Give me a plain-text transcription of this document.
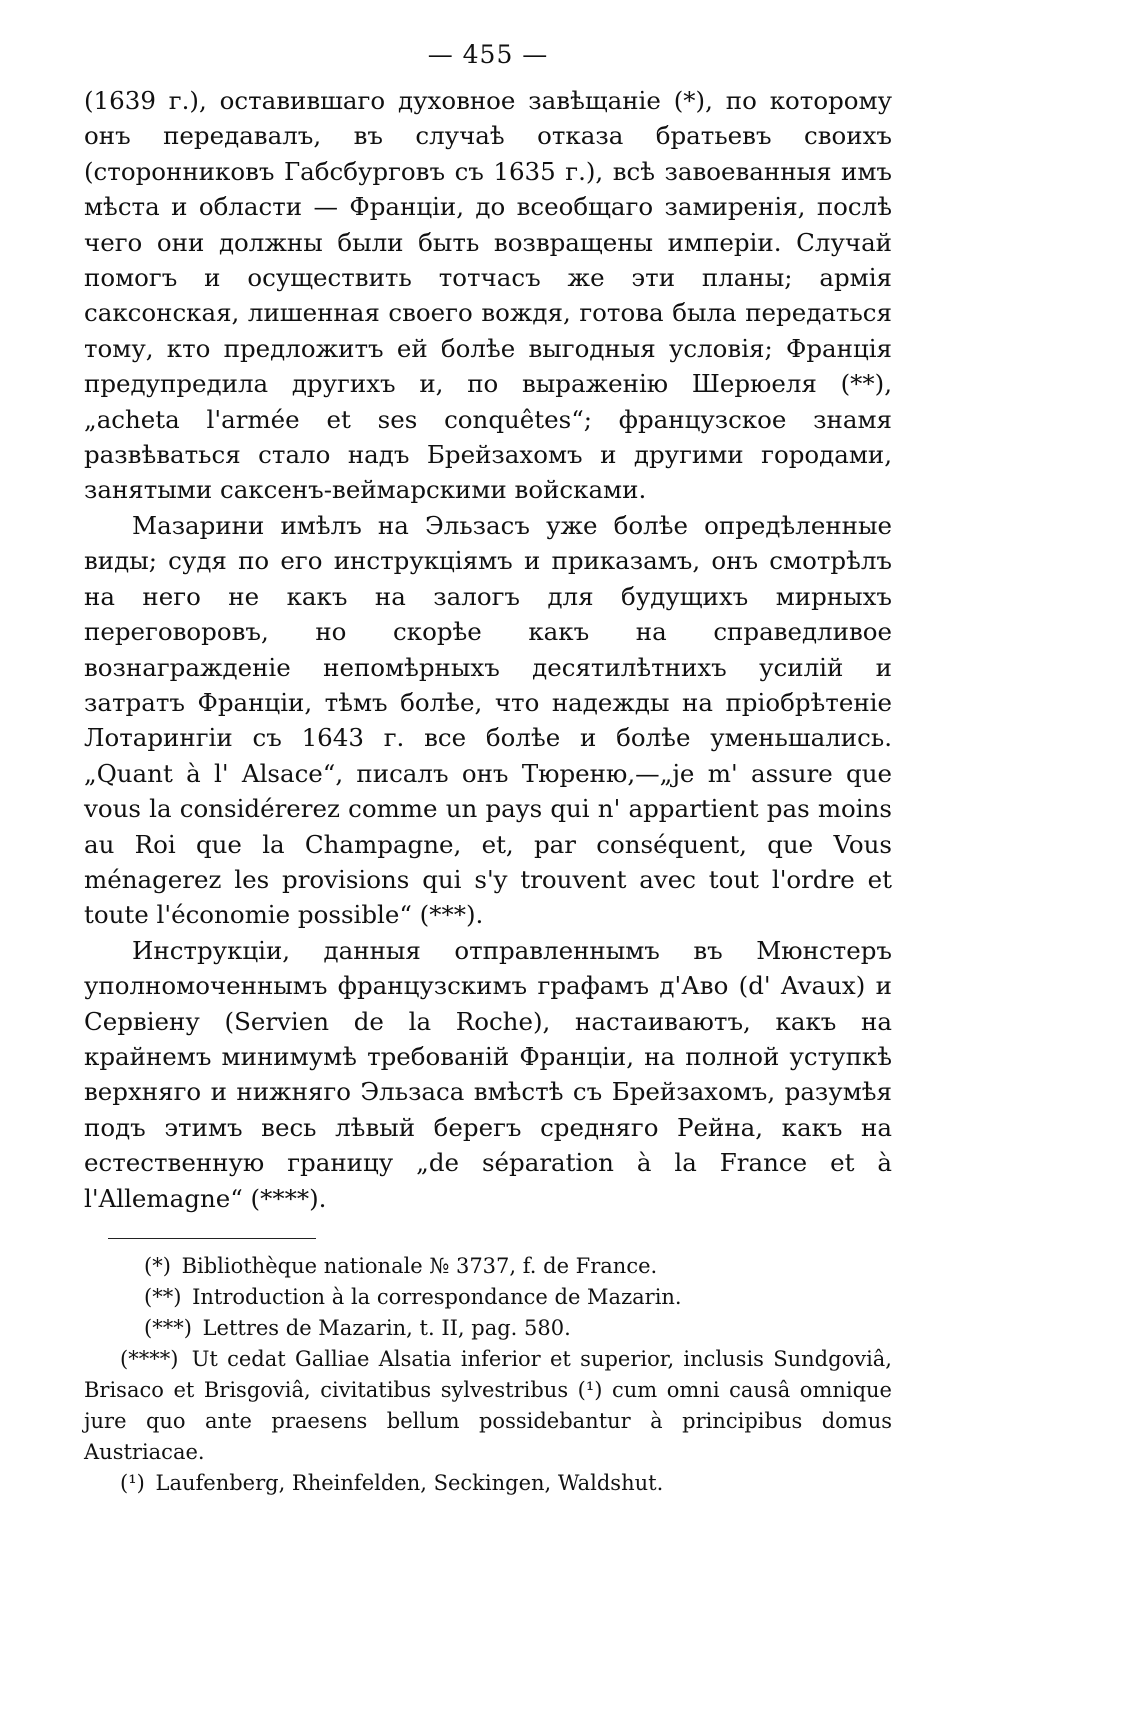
— 455 —

(1639 г.), оставившаго духовное завѣщаніе (*), по которому онъ передавалъ, въ случаѣ отказа братьевъ своихъ (сторонниковъ Габсбурговъ съ 1635 г.), всѣ завоеванныя имъ мѣста и области — Франціи, до всеобщаго замиренія, послѣ чего они должны были быть возвращены имперіи. Случай помогъ и осуществить тотчасъ же эти планы; армія саксонская, лишенная своего вождя, готова была передаться тому, кто предложитъ ей болѣе выгодныя условія; Франція предупредила другихъ и, по выраженію Шерюеля (**), „acheta l'armée et ses conquêtes“; французское знамя развѣваться стало надъ Брейзахомъ и другими городами, занятыми саксенъ-веймарскими войсками.

Мазарини имѣлъ на Эльзасъ уже болѣе опредѣленные виды; судя по его инструкціямъ и приказамъ, онъ смотрѣлъ на него не какъ на залогъ для будущихъ мирныхъ переговоровъ, но скорѣе какъ на справедливое вознагражденіе непомѣрныхъ десятилѣтнихъ усилій и затратъ Франціи, тѣмъ болѣе, что надежды на пріобрѣтеніе Лотарингіи съ 1643 г. все болѣе и болѣе уменьшались. „Quant à l' Alsace“, писалъ онъ Тюреню,—„je m' assure que vous la considérerez comme un pays qui n' appartient pas moins au Roi que la Champagne, et, par conséquent, que Vous ménagerez les provisions qui s'y trouvent avec tout l'ordre et toute l'économie possible“ (***).

Инструкціи, данныя отправленнымъ въ Мюнстеръ уполномоченнымъ французскимъ графамъ д'Аво (d' Avaux) и Сервіену (Servien de la Roche), настаиваютъ, какъ на крайнемъ минимумѣ требованій Франціи, на полной уступкѣ верхняго и нижняго Эльзаса вмѣстѣ съ Брейзахомъ, разумѣя подъ этимъ весь лѣвый берегъ средняго Рейна, какъ на естественную границу „de séparation à la France et à l'Allemagne“ (****).

(*) Bibliothèque nationale № 3737, f. de France.

(**) Introduction à la correspondance de Mazarin.

(***) Lettres de Mazarin, t. II, pag. 580.

(****) Ut cedat Galliae Alsatia inferior et superior, inclusis Sundgoviâ, Brisaco et Brisgoviâ, civitatibus sylvestribus (¹) cum omni causâ omnique jure quo ante praesens bellum possidebantur à principibus domus Austriacae.

(¹) Laufenberg, Rheinfelden, Seckingen, Waldshut.
